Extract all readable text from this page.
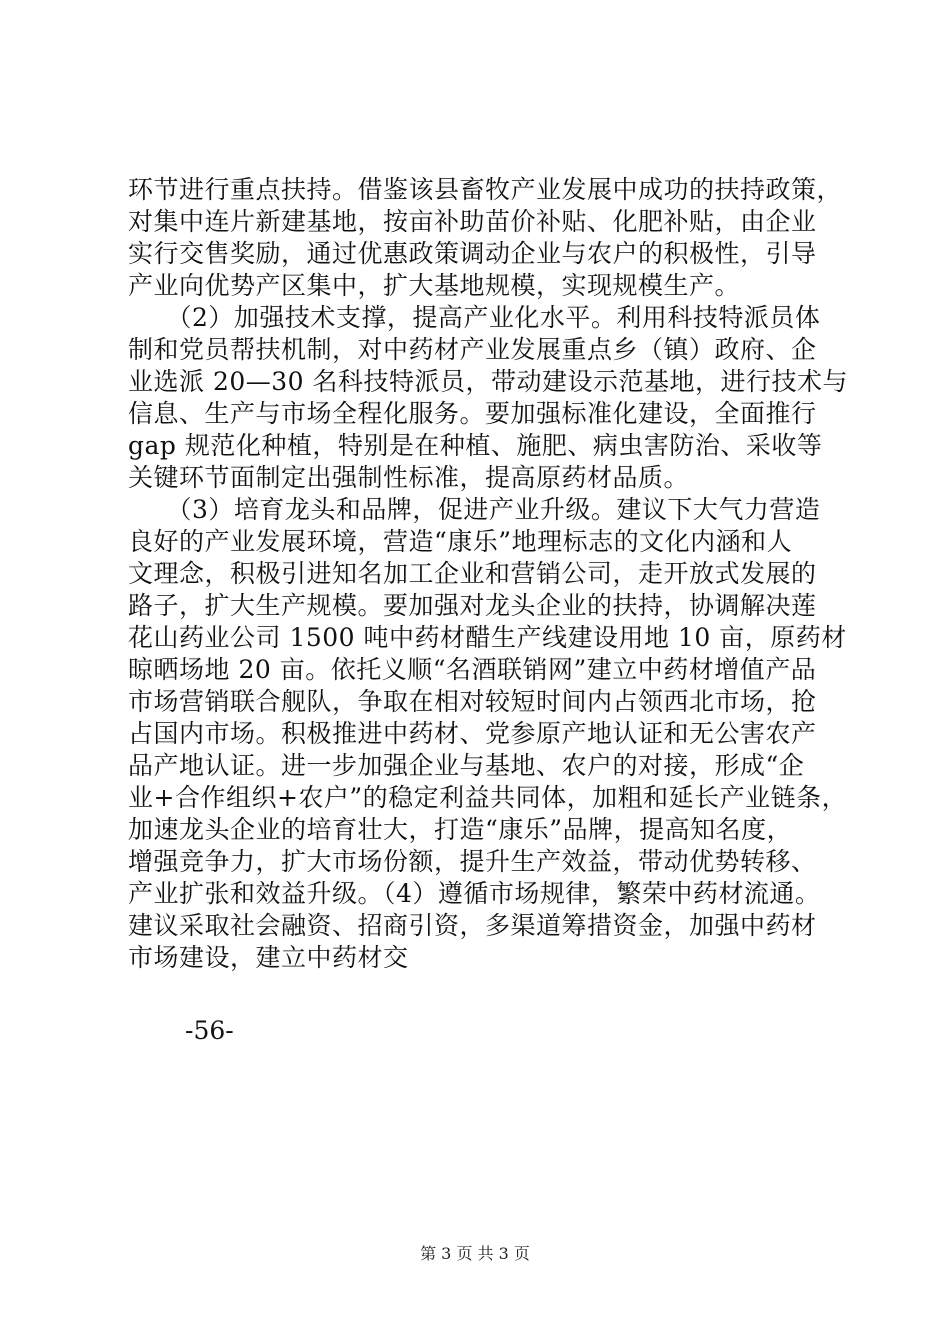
环节进行重点扶持。借鉴该县畜牧产业发展中成功的扶持政策，
对集中连片新建基地，按亩补助苗价补贴、化肥补贴，由企业
实行交售奖励，通过优惠政策调动企业与农户的积极性，引导
产业向优势产区集中，扩大基地规模，实现规模生产。
　　（2）加强技术支撑，提高产业化水平。利用科技特派员体
制和党员帮扶机制，对中药材产业发展重点乡（镇）政府、企
业选派 20—30 名科技特派员，带动建设示范基地，进行技术与
信息、生产与市场全程化服务。要加强标准化建设，全面推行
gap 规范化种植，特别是在种植、施肥、病虫害防治、采收等
关键环节面制定出强制性标准，提高原药材品质。
　　（3）培育龙头和品牌，促进产业升级。建议下大气力营造
良好的产业发展环境，营造“康乐”地理标志的文化内涵和人
文理念，积极引进知名加工企业和营销公司，走开放式发展的
路子，扩大生产规模。要加强对龙头企业的扶持，协调解决莲
花山药业公司 1500 吨中药材醋生产线建设用地 10 亩，原药材
晾晒场地 20 亩。依托义顺“名酒联销网”建立中药材增值产品
市场营销联合舰队，争取在相对较短时间内占领西北市场，抢
占国内市场。积极推进中药材、党参原产地认证和无公害农产
品产地认证。进一步加强企业与基地、农户的对接，形成“企
业+合作组织+农户”的稳定利益共同体，加粗和延长产业链条，
加速龙头企业的培育壮大，打造“康乐”品牌，提高知名度，
增强竞争力，扩大市场份额，提升生产效益，带动优势转移、
产业扩张和效益升级。（4）遵循市场规律，繁荣中药材流通。
建议采取社会融资、招商引资，多渠道筹措资金，加强中药材
市场建设，建立中药材交
-56-
第 3 页 共 3 页
